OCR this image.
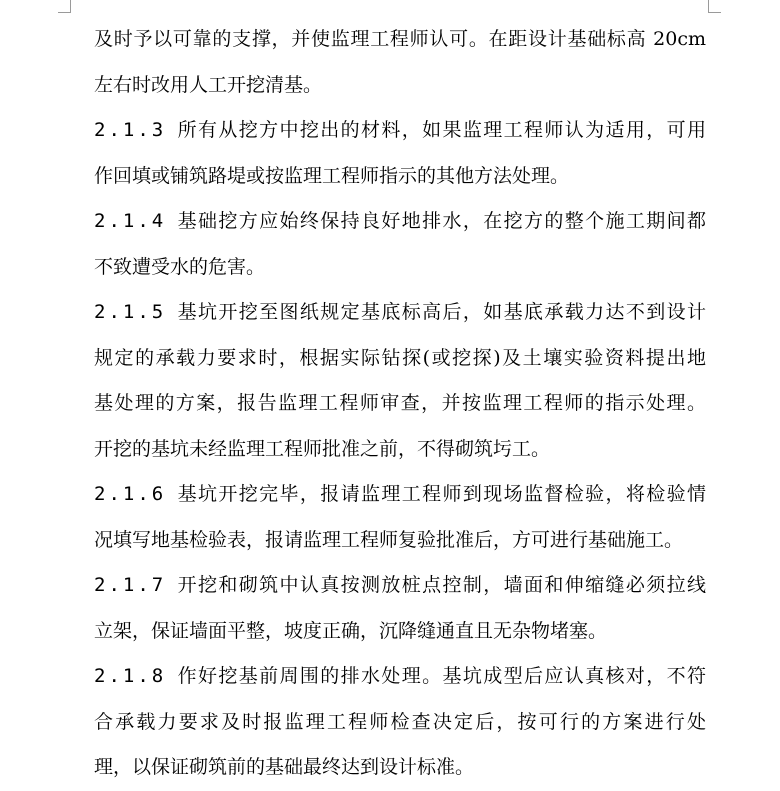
及时予以可靠的支撑，并使监理工程师认可。在距设计基础标高 20cm
左右时改用人工开挖清基。
2.1.3 所有从挖方中挖出的材料，如果监理工程师认为适用，可用
作回填或铺筑路堤或按监理工程师指示的其他方法处理。
2.1.4 基础挖方应始终保持良好地排水，在挖方的整个施工期间都
不致遭受水的危害。
2.1.5 基坑开挖至图纸规定基底标高后，如基底承载力达不到设计
规定的承载力要求时，根据实际钻探(或挖探)及土壤实验资料提出地
基处理的方案，报告监理工程师审查，并按监理工程师的指示处理。
开挖的基坑未经监理工程师批准之前，不得砌筑圬工。
2.1.6 基坑开挖完毕，报请监理工程师到现场监督检验，将检验情
况填写地基检验表，报请监理工程师复验批准后，方可进行基础施工。
2.1.7 开挖和砌筑中认真按测放桩点控制，墙面和伸缩缝必须拉线
立架，保证墙面平整，坡度正确，沉降缝通直且无杂物堵塞。
2.1.8 作好挖基前周围的排水处理。基坑成型后应认真核对，不符
合承载力要求及时报监理工程师检查决定后，按可行的方案进行处
理，以保证砌筑前的基础最终达到设计标准。
